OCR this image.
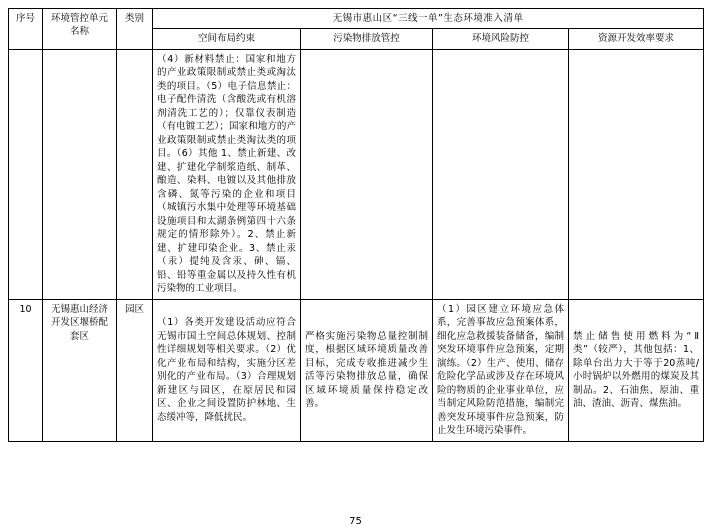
序号	环境管控单元名称	类别	无锡市惠山区“三线一单”生态环境准入清单			
			空间布局约束	污染物排放管控	环境风险防控	资源开发效率要求
			（4）新材料禁止：国家和地方的产业政策限制或禁止类或淘汰类的项目。（5）电子信息禁止：电子配件清洗（含酸洗或有机溶剂清洗工艺的）；仅靠仪表制造（有电镀工艺）；国家和地方的产业政策限制或禁止类淘汰类的项目。（6）其他 1、禁止新建、改建、扩建化学制浆造纸、制革、酿造、染料、电镀以及其他排放含磷、氮等污染的企业和项目（城镇污水集中处理等环境基础设施项目和太湖条例第四十六条规定的情形除外）。2、禁止新建、扩建印染企业。3、禁止汞（汞）提纯及含汞、砷、镉、铅、铅等重金属以及持久性有机污染物的工业项目。			
10	无锡惠山经济开发区堰桥配套区	园区	（1）各类开发建设活动应符合无锡市国土空间总体规划、控制性详细规划等相关要求。（2）优化产业布局和结构，实施分区差别化的产业布局。（3）合理规划新建区与园区，在原居民和园区、企业之间设置防护林地、生态缓冲等，降低扰民。	严格实施污染物总量控制制度，根据区域环境质量改善目标，完成专收推进减少生活等污染物排放总量，确保区域环境质量保持稳定改善。	（1）园区建立环境应急体系，完善事故应急预案体系，细化应急救援装备储备，编制突发环境事件应急预案，定期演练。（2）生产、使用、储存危险化学品或涉及存在环境风险的物质的企业事业单位，应当制定风险防范措施，编制完善突发环境事件应急预案，防止发生环境污染事件。	禁止储售使用燃料为“Ⅱ类”（较严），其他包括：1、除单台出力大于等于20蒸吨/小时锅炉以外燃用的煤炭及其制品。2、石油焦、原油、重油、渣油、沥青、煤焦油。
75
